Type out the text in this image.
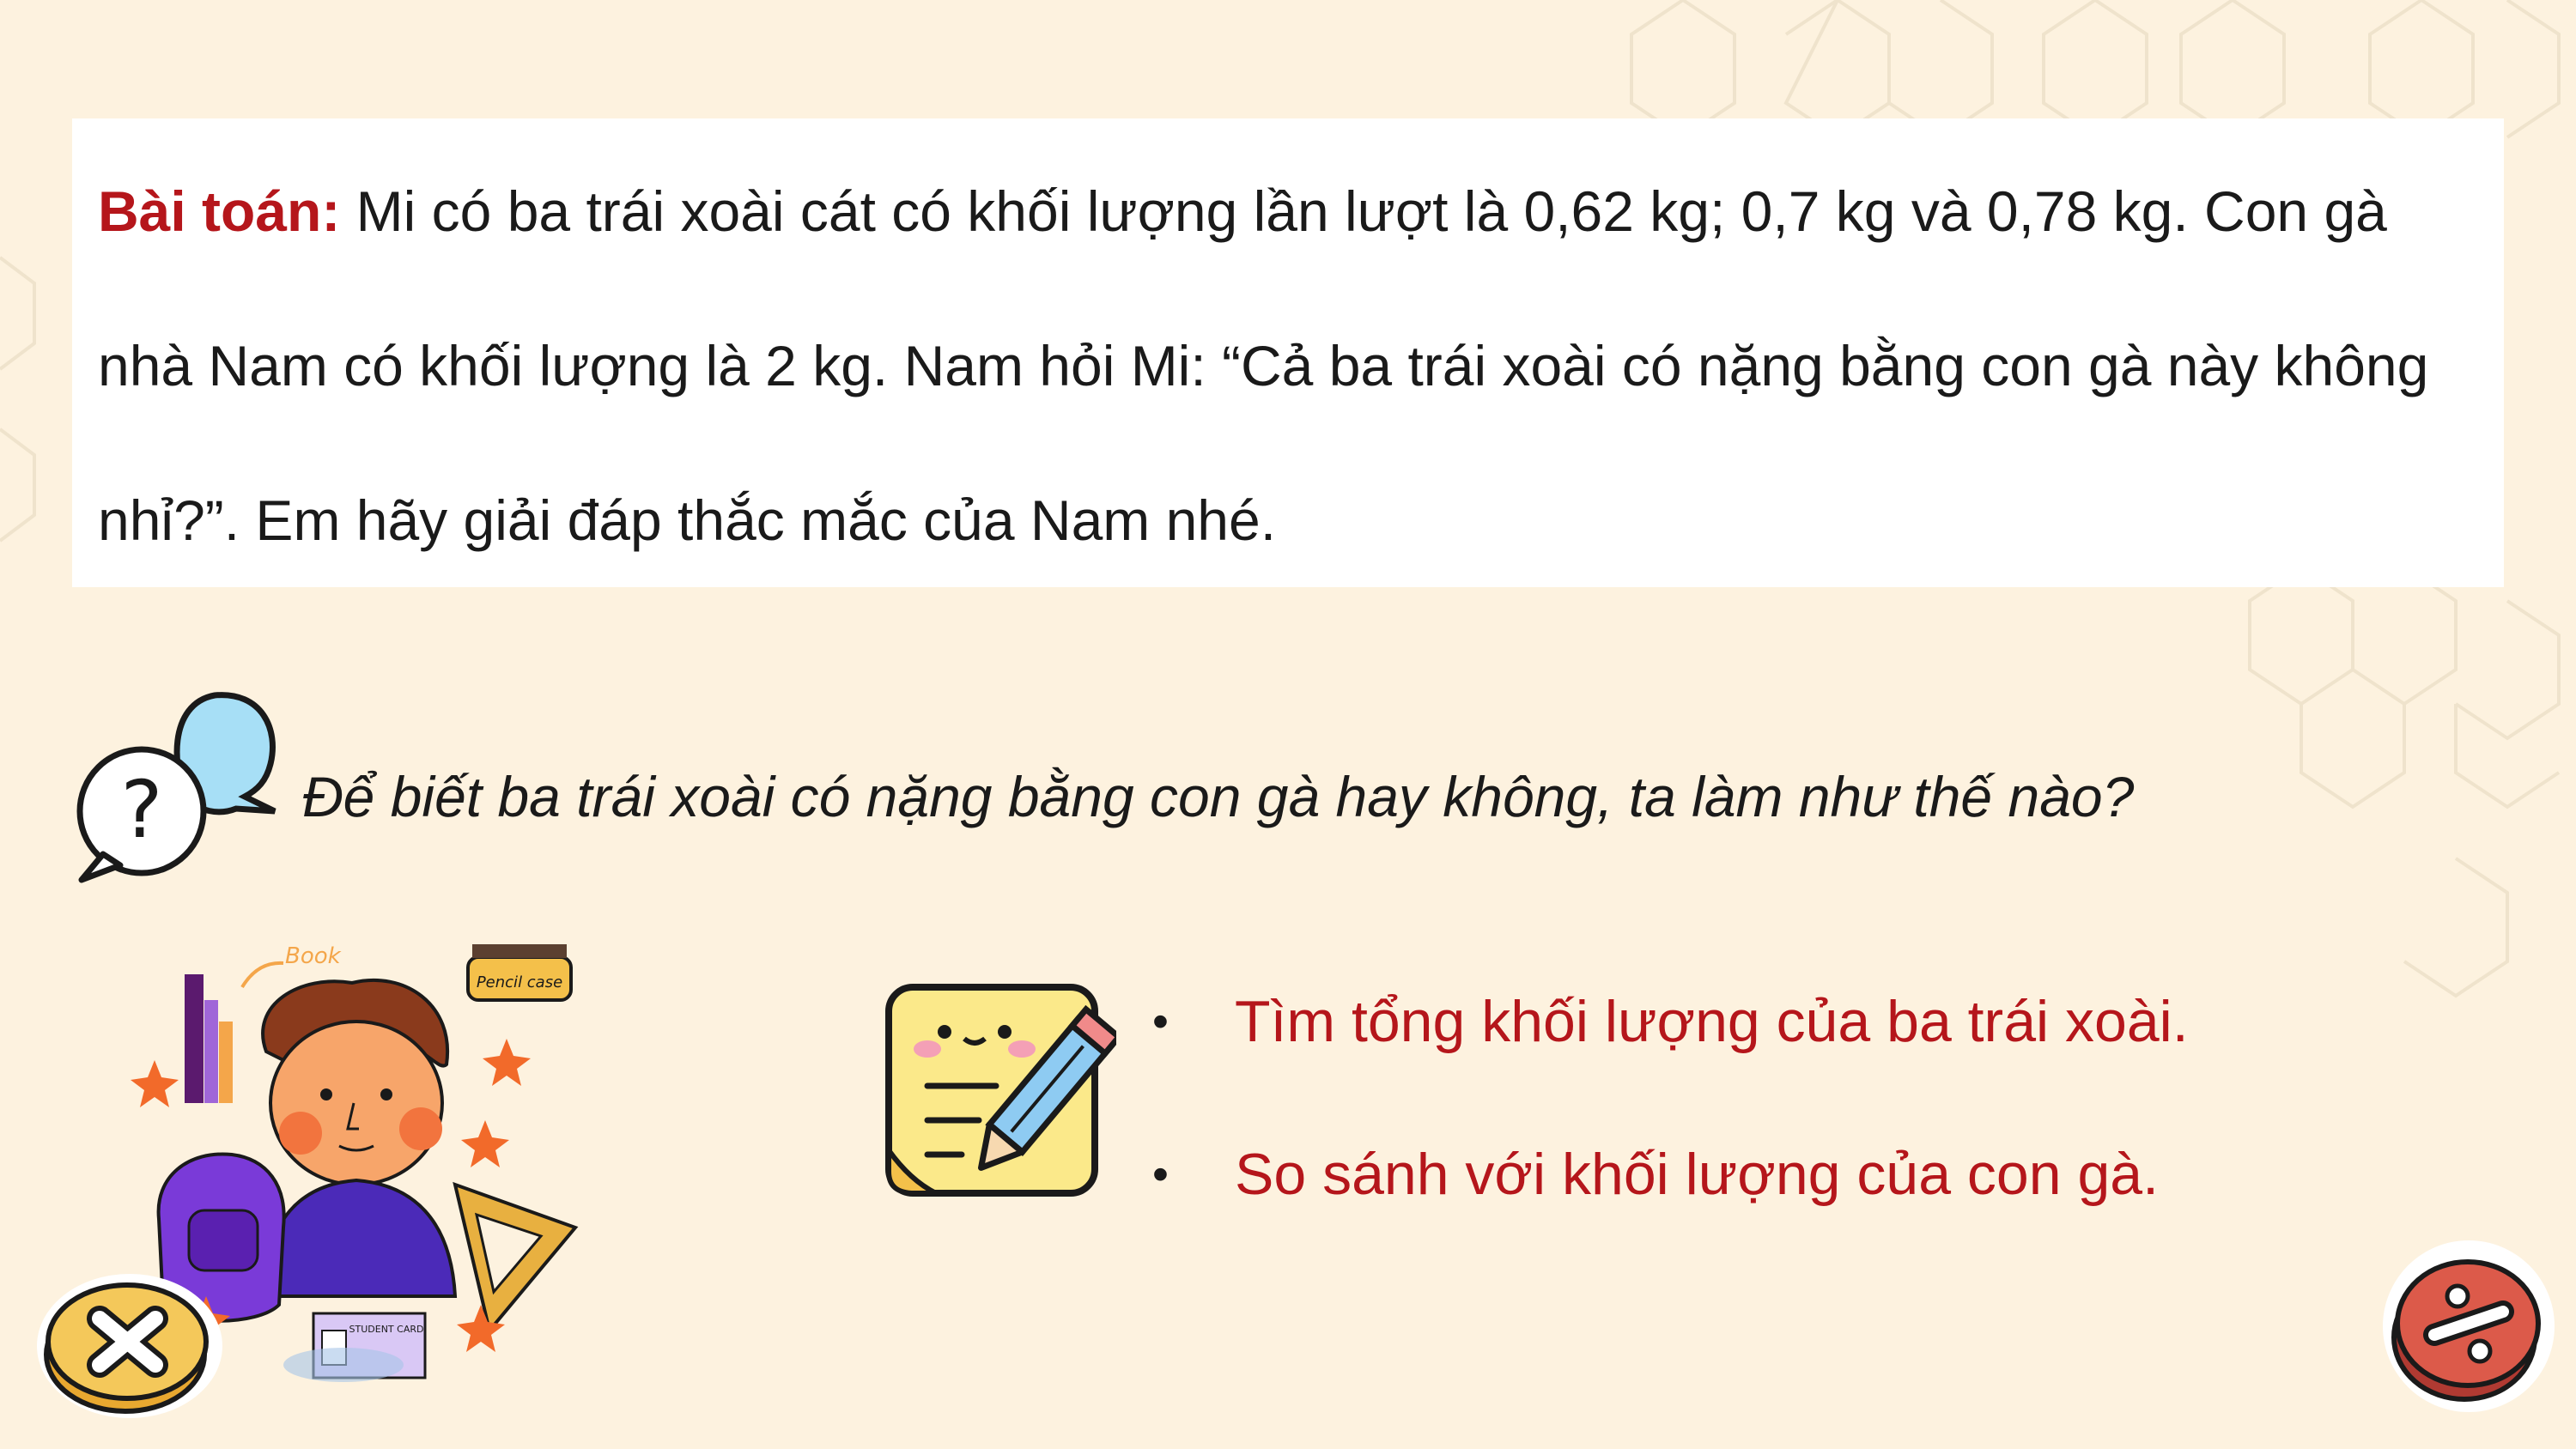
Bài toán: Mi có ba trái xoài cát có khối lượng lần lượt là 0,62 kg; 0,7 kg và 0,78 kg. Con gà nhà Nam có khối lượng là 2 kg. Nam hỏi Mi: “Cả ba trái xoài có nặng bằng con gà này không nhỉ?”. Em hãy giải đáp thắc mắc của Nam nhé.

? Để biết ba trái xoài có nặng bằng con gà hay không, ta làm như thế nào?

Book
Pencil case
STUDENT CARD
• Tìm tổng khối lượng của ba trái xoài.
• So sánh với khối lượng của con gà.
